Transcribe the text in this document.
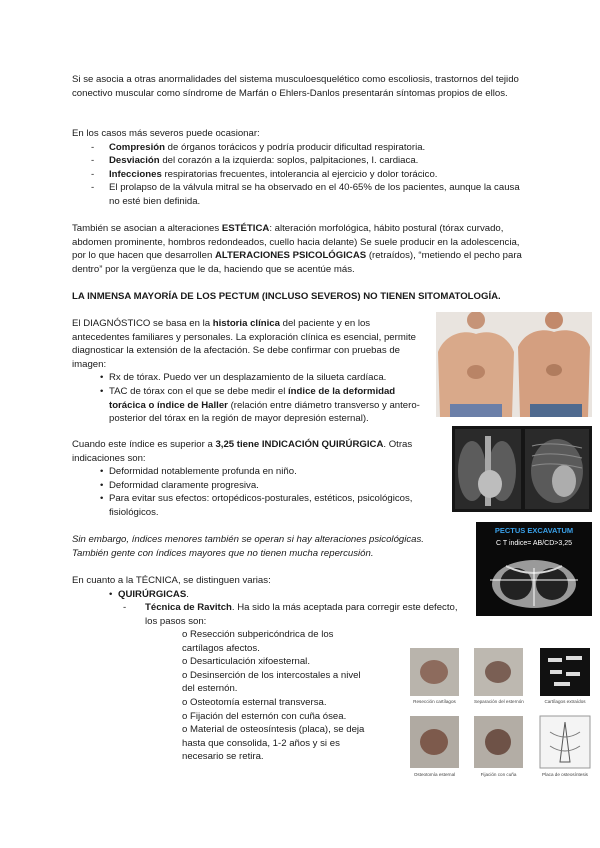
Si se asocia a otras anormalidades del sistema musculoesquelético como escoliosis, trastornos del tejido conectivo muscular como síndrome de Marfán o Ehlers-Danlos presentarán síntomas propios de ellos.

En los casos más severos puede ocasionar:

- Compresión de órganos torácicos y podría producir dificultad respiratoria.
- Desviación del corazón a la izquierda: soplos, palpitaciones, I. cardiaca.
- Infecciones respiratorias frecuentes, intolerancia al ejercicio y dolor torácico.
- El prolapso de la válvula mitral se ha observado en el 40-65% de los pacientes, aunque la causa no esté bien definida.

También se asocian a alteraciones ESTÉTICA: alteración morfológica, hábito postural (tórax curvado, abdomen prominente, hombros redondeados, cuello hacia delante) Se suele producir en la adolescencia, por lo que hacen que desarrollen ALTERACIONES PSICOLÓGICAS (retraídos), “metiendo el pecho para dentro” por la vergüenza que le da, haciendo que se acentúe más.

LA INMENSA MAYORÍA DE LOS PECTUM (INCLUSO SEVEROS) NO TIENEN SITOMATOLOGÍA.

El DIAGNÓSTICO se basa en la historia clínica del paciente y en los antecedentes familiares y personales. La exploración clínica es esencial, permite diagnosticar la extensión de la afectación. Se debe confirmar con pruebas de imagen:

• Rx de tórax. Puedo ver un desplazamiento de la silueta cardíaca.
• TAC de tórax con el que se debe medir el índice de la deformidad torácica o índice de Haller (relación entre diámetro transverso y antero-posterior del tórax en la región de mayor depresión esternal).

Cuando este índice es superior a 3,25 tiene INDICACIÓN QUIRÚRGICA. Otras indicaciones son:

• Deformidad notablemente profunda en niño.
• Deformidad claramente progresiva.
• Para evitar sus efectos: ortopédicos-posturales, estéticos, psicológicos, fisiológicos.

Sin embargo, índices menores también se operan si hay alteraciones psicológicas. También gente con índices mayores que no tienen mucha repercusión.

En cuanto a la TÉCNICA, se distinguen varias:

• QUIRÚRGICAS.
- Técnica de Ravitch. Ha sido la más aceptada para corregir este defecto, los pasos son:

o Resección subpericóndrica de los cartílagos afectos.

o Desarticulación xifoesternal.

o Desinserción de los intercostales a nivel del esternón.

o Osteotomía esternal transversa.

o Fijación del esternón con cuña ósea.

o Material de osteosíntesis (placa), se deja hasta que consolida, 1-2 años y si es necesario se retira.

PECTUS EXCAVATUM
C T indice= AB/CD>3,25
Resección cartílagos	Separación del esternón	Cartílagos extraídos
Osteotomía esternal	Fijación con cuña	Placa de osteosíntesis
